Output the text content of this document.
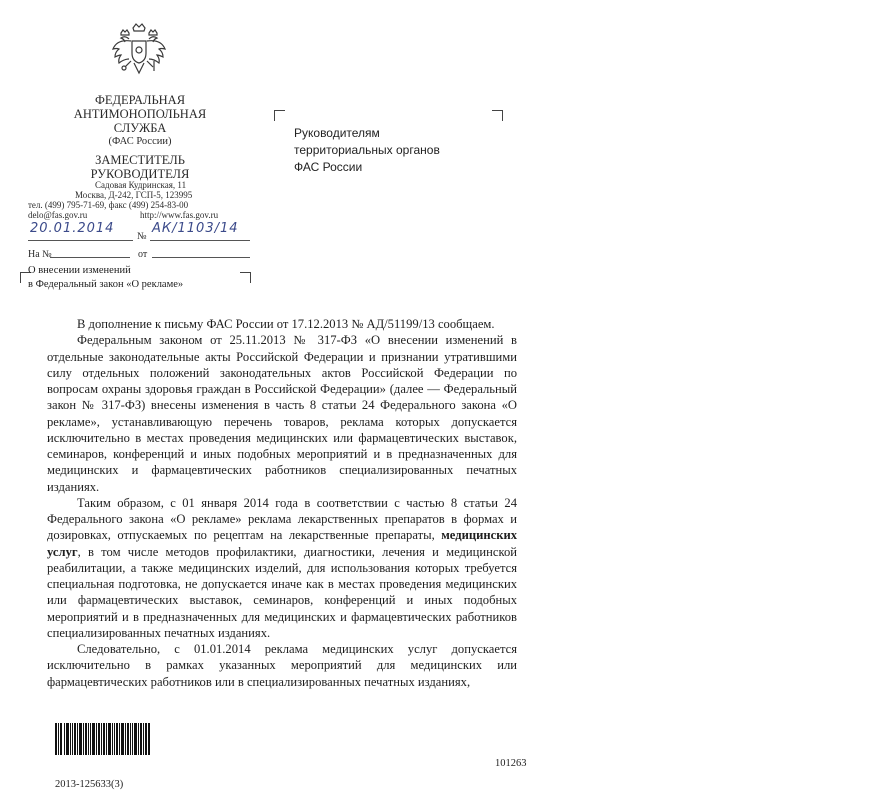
ФЕДЕРАЛЬНАЯ
АНТИМОНОПОЛЬНАЯ
СЛУЖБА
(ФАС России)
ЗАМЕСТИТЕЛЬ
РУКОВОДИТЕЛЯ
Садовая Кудринская, 11
Москва, Д-242, ГСП-5, 123995
тел. (499) 795-71-69, факс (499) 254-83-00
delo@fas.gov.ru	http://www.fas.gov.ru
20.01.2014
№
АК/1103/14
На №	от
О внесении изменений
в Федеральный закон «О рекламе»
Руководителям
территориальных органов
ФАС России

В дополнение к письму ФАС России от 17.12.2013 № АД/51199/13 сообщаем.

Федеральным законом от 25.11.2013 № 317-ФЗ «О внесении изменений в отдельные законодательные акты Российской Федерации и признании утратившими силу отдельных положений законодательных актов Российской Федерации по вопросам охраны здоровья граждан в Российской Федерации» (далее — Федеральный закон № 317-ФЗ) внесены изменения в часть 8 статьи 24 Федерального закона «О рекламе», устанавливающую перечень товаров, реклама которых допускается исключительно в местах проведения медицинских или фармацевтических выставок, семинаров, конференций и иных подобных мероприятий и в предназначенных для медицинских и фармацевтических работников специализированных печатных изданиях.

Таким образом, с 01 января 2014 года в соответствии с частью 8 статьи 24 Федерального закона «О рекламе» реклама лекарственных препаратов в формах и дозировках, отпускаемых по рецептам на лекарственные препараты, медицинских услуг, в том числе методов профилактики, диагностики, лечения и медицинской реабилитации, а также медицинских изделий, для использования которых требуется специальная подготовка, не допускается иначе как в местах проведения медицинских или фармацевтических выставок, семинаров, конференций и иных подобных мероприятий и в предназначенных для медицинских и фармацевтических работников специализированных печатных изданиях.

Следовательно, с 01.01.2014 реклама медицинских услуг допускается исключительно в рамках указанных мероприятий для медицинских или фармацевтических работников или в специализированных печатных изданиях,

101263
2013-125633(3)
